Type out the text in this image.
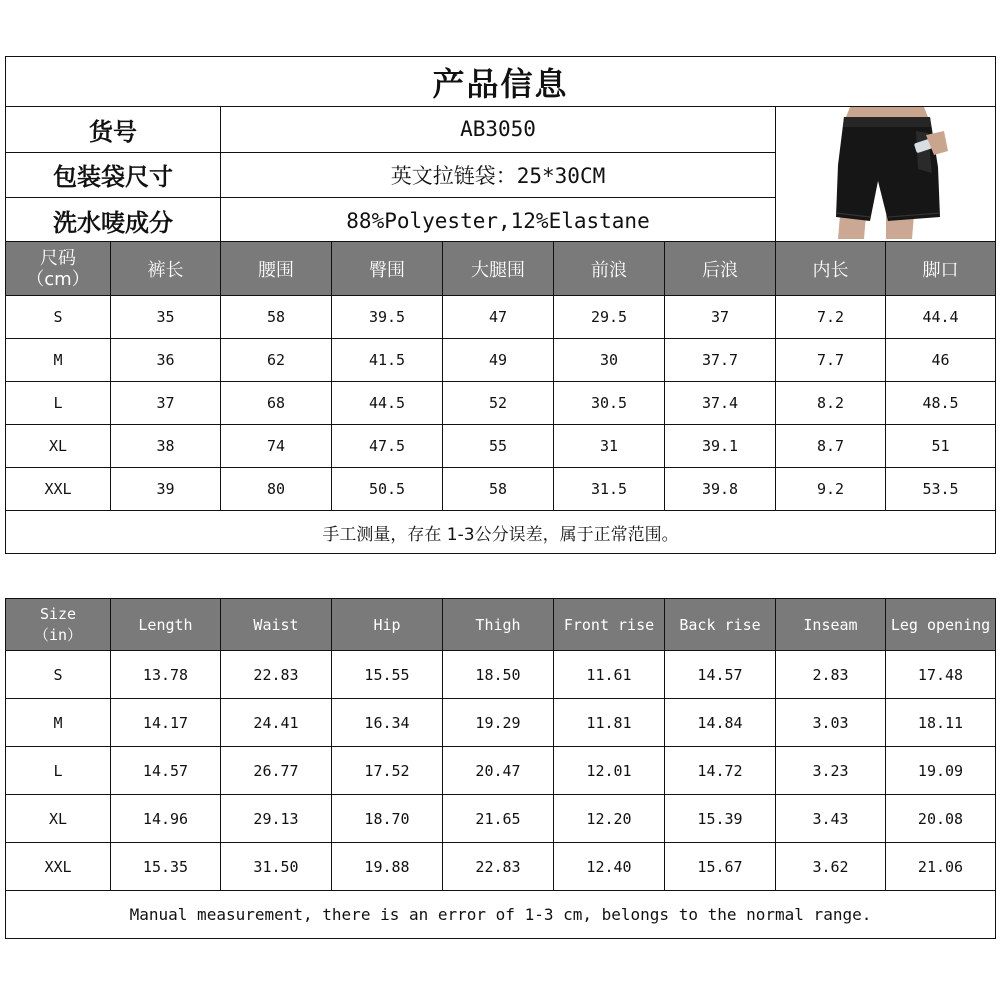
产品信息		
货号	AB3050	
包装袋尺寸	英文拉链袋：25*30CM	
洗水唛成分	88%Polyester,12%Elastane	
尺码
（cm）	裤长	腰围	臀围	大腿围	前浪	后浪	内长	脚口
S	35	58	39.5	47	29.5	37	7.2	44.4
M	36	62	41.5	49	30	37.7	7.7	46
L	37	68	44.5	52	30.5	37.4	8.2	48.5
XL	38	74	47.5	55	31	39.1	8.7	51
XXL	39	80	50.5	58	31.5	39.8	9.2	53.5
手工测量，存在 1-3公分误差，属于正常范围。								
Size
（in）	Length	Waist	Hip	Thigh	Front rise	Back rise	Inseam	Leg opening
S	13.78	22.83	15.55	18.50	11.61	14.57	2.83	17.48
M	14.17	24.41	16.34	19.29	11.81	14.84	3.03	18.11
L	14.57	26.77	17.52	20.47	12.01	14.72	3.23	19.09
XL	14.96	29.13	18.70	21.65	12.20	15.39	3.43	20.08
XXL	15.35	31.50	19.88	22.83	12.40	15.67	3.62	21.06
Manual measurement, there is an error of 1-3 cm, belongs to the normal range.								
